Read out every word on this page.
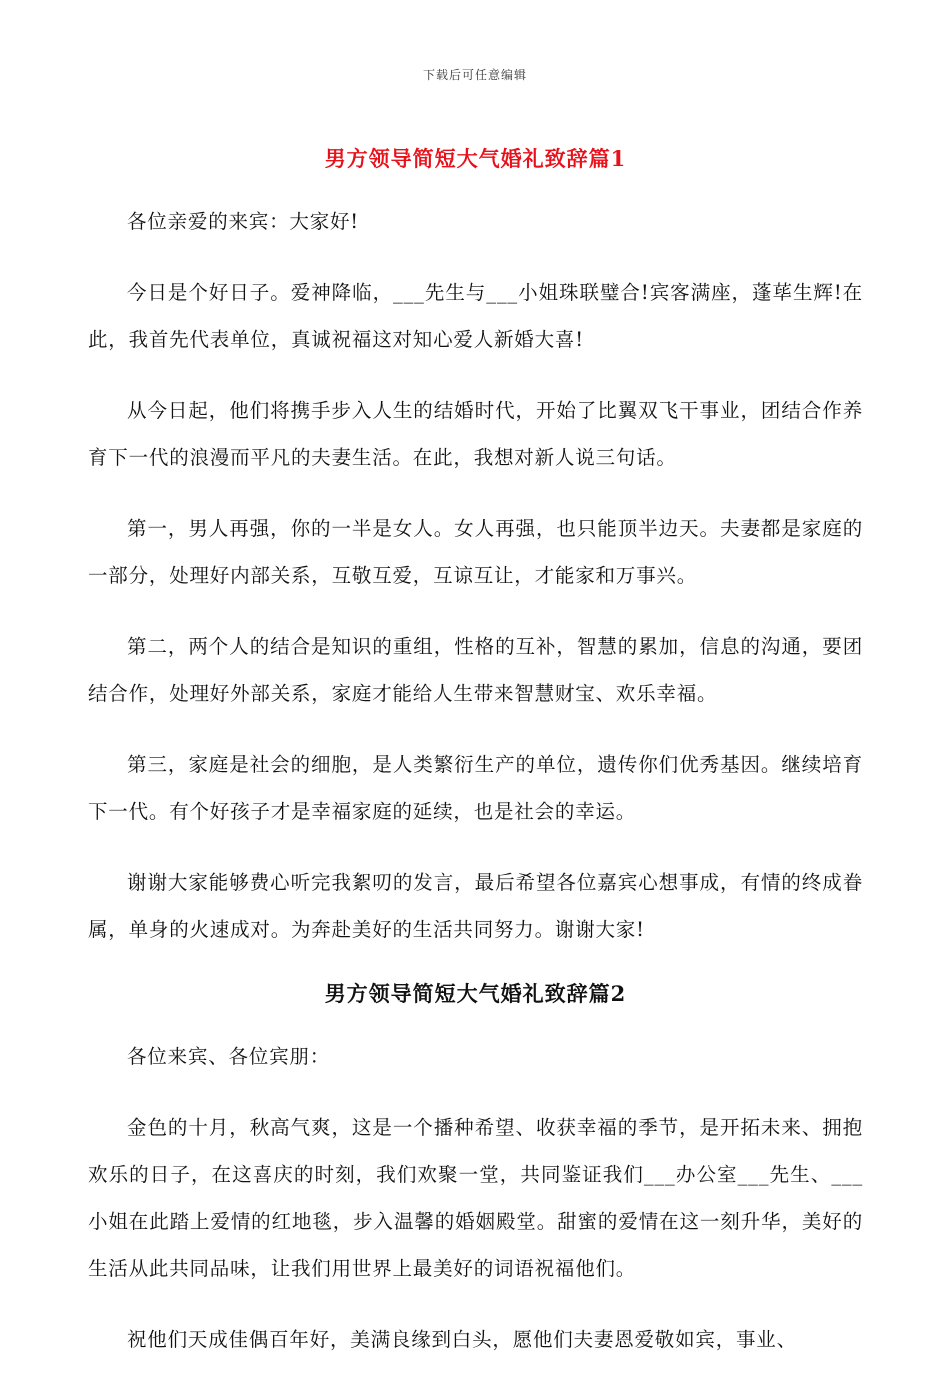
下载后可任意编辑
男方领导简短大气婚礼致辞篇1

各位亲爱的来宾：大家好!

今日是个好日子。爱神降临，___先生与___小姐珠联璧合!宾客满座，蓬荜生辉!在此，我首先代表单位，真诚祝福这对知心爱人新婚大喜!

从今日起，他们将携手步入人生的结婚时代，开始了比翼双飞干事业，团结合作养育下一代的浪漫而平凡的夫妻生活。在此，我想对新人说三句话。

第一，男人再强，你的一半是女人。女人再强，也只能顶半边天。夫妻都是家庭的一部分，处理好内部关系，互敬互爱，互谅互让，才能家和万事兴。

第二，两个人的结合是知识的重组，性格的互补，智慧的累加，信息的沟通，要团结合作，处理好外部关系，家庭才能给人生带来智慧财宝、欢乐幸福。

第三，家庭是社会的细胞，是人类繁衍生产的单位，遗传你们优秀基因。继续培育下一代。有个好孩子才是幸福家庭的延续，也是社会的幸运。

谢谢大家能够费心听完我絮叨的发言，最后希望各位嘉宾心想事成，有情的终成眷属，单身的火速成对。为奔赴美好的生活共同努力。谢谢大家!

男方领导简短大气婚礼致辞篇2

各位来宾、各位宾朋：

金色的十月，秋高气爽，这是一个播种希望、收获幸福的季节，是开拓未来、拥抱欢乐的日子，在这喜庆的时刻，我们欢聚一堂，共同鉴证我们___办公室___先生、___小姐在此踏上爱情的红地毯，步入温馨的婚姻殿堂。甜蜜的爱情在这一刻升华，美好的生活从此共同品味，让我们用世界上最美好的词语祝福他们。

祝他们天成佳偶百年好，美满良缘到白头，愿他们夫妻恩爱敬如宾，事业、
